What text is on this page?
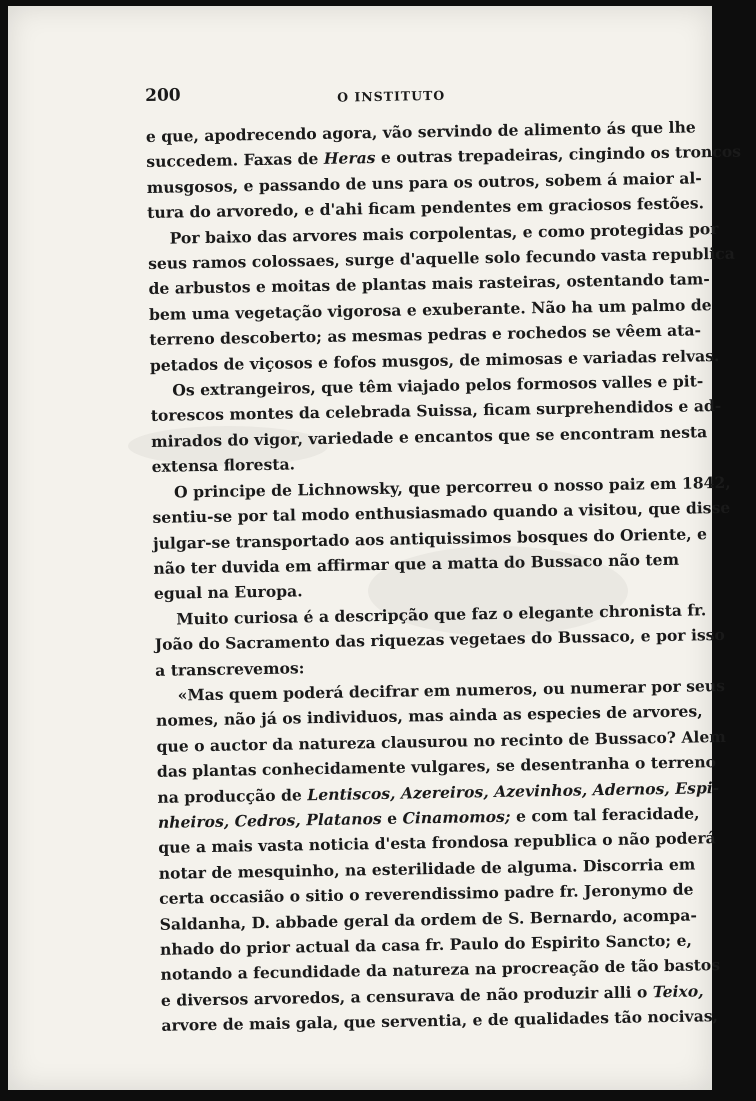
200	O INSTITUTO

e que, apodrecendo agora, vão servindo de alimento ás que lhe
succedem. Faxas de Heras e outras trepadeiras, cingindo os troncos
musgosos, e passando de uns para os outros, sobem á maior al-
tura do arvoredo, e d'ahi ficam pendentes em graciosos festões.

Por baixo das arvores mais corpolentas, e como protegidas por
seus ramos colossaes, surge d'aquelle solo fecundo vasta republica
de arbustos e moitas de plantas mais rasteiras, ostentando tam-
bem uma vegetação vigorosa e exuberante. Não ha um palmo de
terreno descoberto; as mesmas pedras e rochedos se vêem ata-
petados de viçosos e fofos musgos, de mimosas e variadas relvas.

Os extrangeiros, que têm viajado pelos formosos valles e pit-
torescos montes da celebrada Suissa, ficam surprehendidos e ad-
mirados do vigor, variedade e encantos que se encontram nesta
extensa floresta.

O principe de Lichnowsky, que percorreu o nosso paiz em 1842,
sentiu-se por tal modo enthusiasmado quando a visitou, que disse
julgar-se transportado aos antiquissimos bosques do Oriente, e
não ter duvida em affirmar que a matta do Bussaco não tem
egual na Europa.

Muito curiosa é a descripção que faz o elegante chronista fr.
João do Sacramento das riquezas vegetaes do Bussaco, e por isso
a transcrevemos:

«Mas quem poderá decifrar em numeros, ou numerar por seus
nomes, não já os individuos, mas ainda as especies de arvores,
que o auctor da natureza clausurou no recinto de Bussaco? Alem
das plantas conhecidamente vulgares, se desentranha o terreno
na producção de Lentiscos, Azereiros, Azevinhos, Adernos, Espi-
nheiros, Cedros, Platanos e Cinamomos; e com tal feracidade,
que a mais vasta noticia d'esta frondosa republica o não poderá
notar de mesquinho, na esterilidade de alguma. Discorria em
certa occasião o sitio o reverendissimo padre fr. Jeronymo de
Saldanha, D. abbade geral da ordem de S. Bernardo, acompa-
nhado do prior actual da casa fr. Paulo do Espirito Sancto; e,
notando a fecundidade da natureza na procreação de tão bastos
e diversos arvoredos, a censurava de não produzir alli o Teixo,
arvore de mais gala, que serventia, e de qualidades tão nocivas,
